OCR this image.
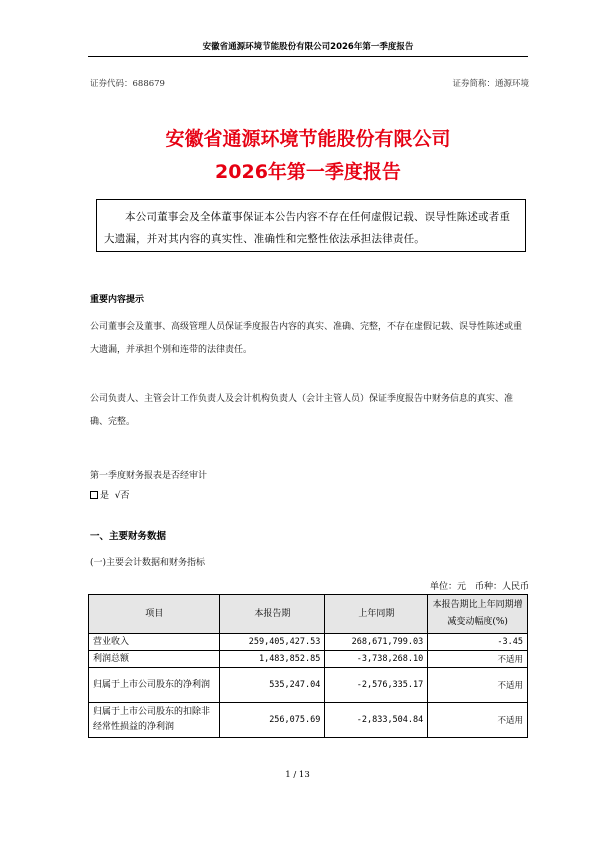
安徽省通源环境节能股份有限公司2026年第一季度报告
证券代码：688679	证券简称：通源环境
安徽省通源环境节能股份有限公司
2026年第一季度报告
本公司董事会及全体董事保证本公告内容不存在任何虚假记载、误导性陈述或者重大遗漏，并对其内容的真实性、准确性和完整性依法承担法律责任。
重要内容提示
公司董事会及董事、高级管理人员保证季度报告内容的真实、准确、完整，不存在虚假记载、误导性陈述或重大遗漏，并承担个别和连带的法律责任。
公司负责人、主管会计工作负责人及会计机构负责人（会计主管人员）保证季度报告中财务信息的真实、准确、完整。
第一季度财务报表是否经审计
是 √否
一、主要财务数据
(一)主要会计数据和财务指标
单位：元　币种：人民币
项目	本报告期	上年同期	本报告期比上年同期增减变动幅度(%)
营业收入	259,405,427.53	268,671,799.03	-3.45
利润总额	1,483,852.85	-3,738,268.10	不适用
归属于上市公司股东的净利润	535,247.04	-2,576,335.17	不适用
归属于上市公司股东的扣除非经常性损益的净利润	256,075.69	-2,833,504.84	不适用
1 / 13
